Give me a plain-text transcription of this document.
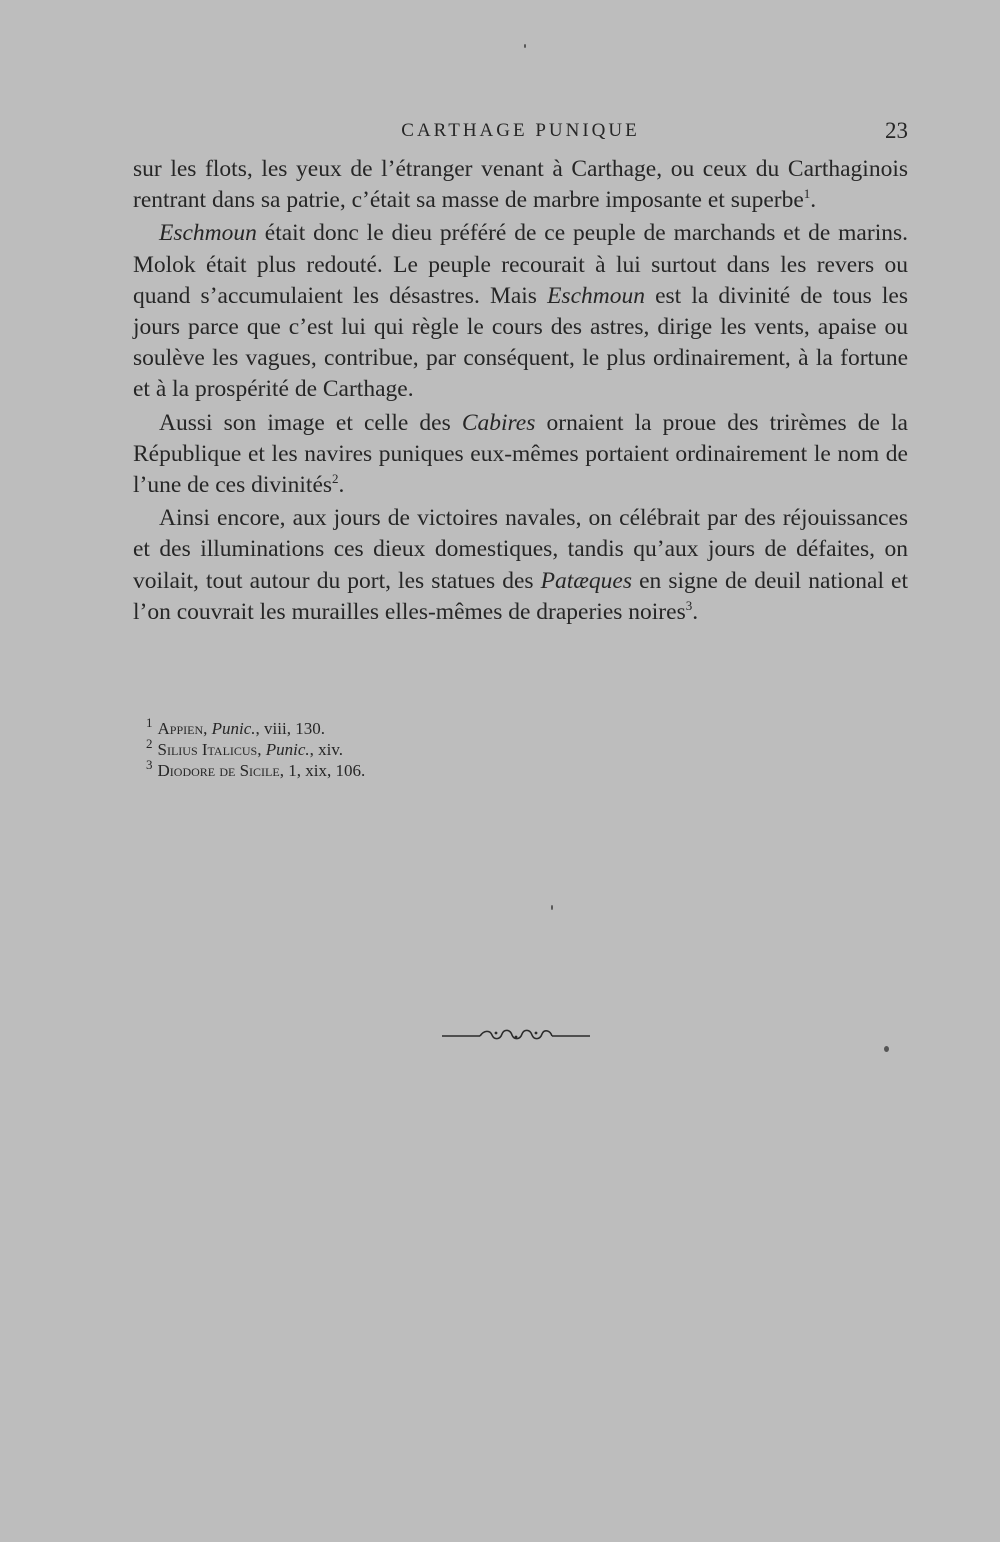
CARTHAGE PUNIQUE	23

sur les flots, les yeux de l’étranger venant à Carthage, ou ceux du Carthaginois rentrant dans sa patrie, c’était sa masse de marbre imposante et superbe$^1$.

Eschmoun était donc le dieu préféré de ce peuple de marchands et de marins. Molok était plus redouté. Le peuple recourait à lui surtout dans les revers ou quand s’accumulaient les désastres. Mais Eschmoun est la divinité de tous les jours parce que c’est lui qui règle le cours des astres, dirige les vents, apaise ou soulève les vagues, contribue, par conséquent, le plus ordinairement, à la fortune et à la prospérité de Carthage.

Aussi son image et celle des Cabires ornaient la proue des trirèmes de la République et les navires puniques eux-mêmes portaient ordinairement le nom de l’une de ces divinités$^2$.

Ainsi encore, aux jours de victoires navales, on célébrait par des réjouissances et des illuminations ces dieux domestiques, tandis qu’aux jours de défaites, on voilait, tout autour du port, les statues des Patæques en signe de deuil national et l’on couvrait les murailles elles-mêmes de draperies noires$^3$.

$^1$ Appien, Punic., viii, 130.

$^2$ Silius Italicus, Punic., xiv.

$^3$ Diodore de Sicile, 1, xix, 106.
